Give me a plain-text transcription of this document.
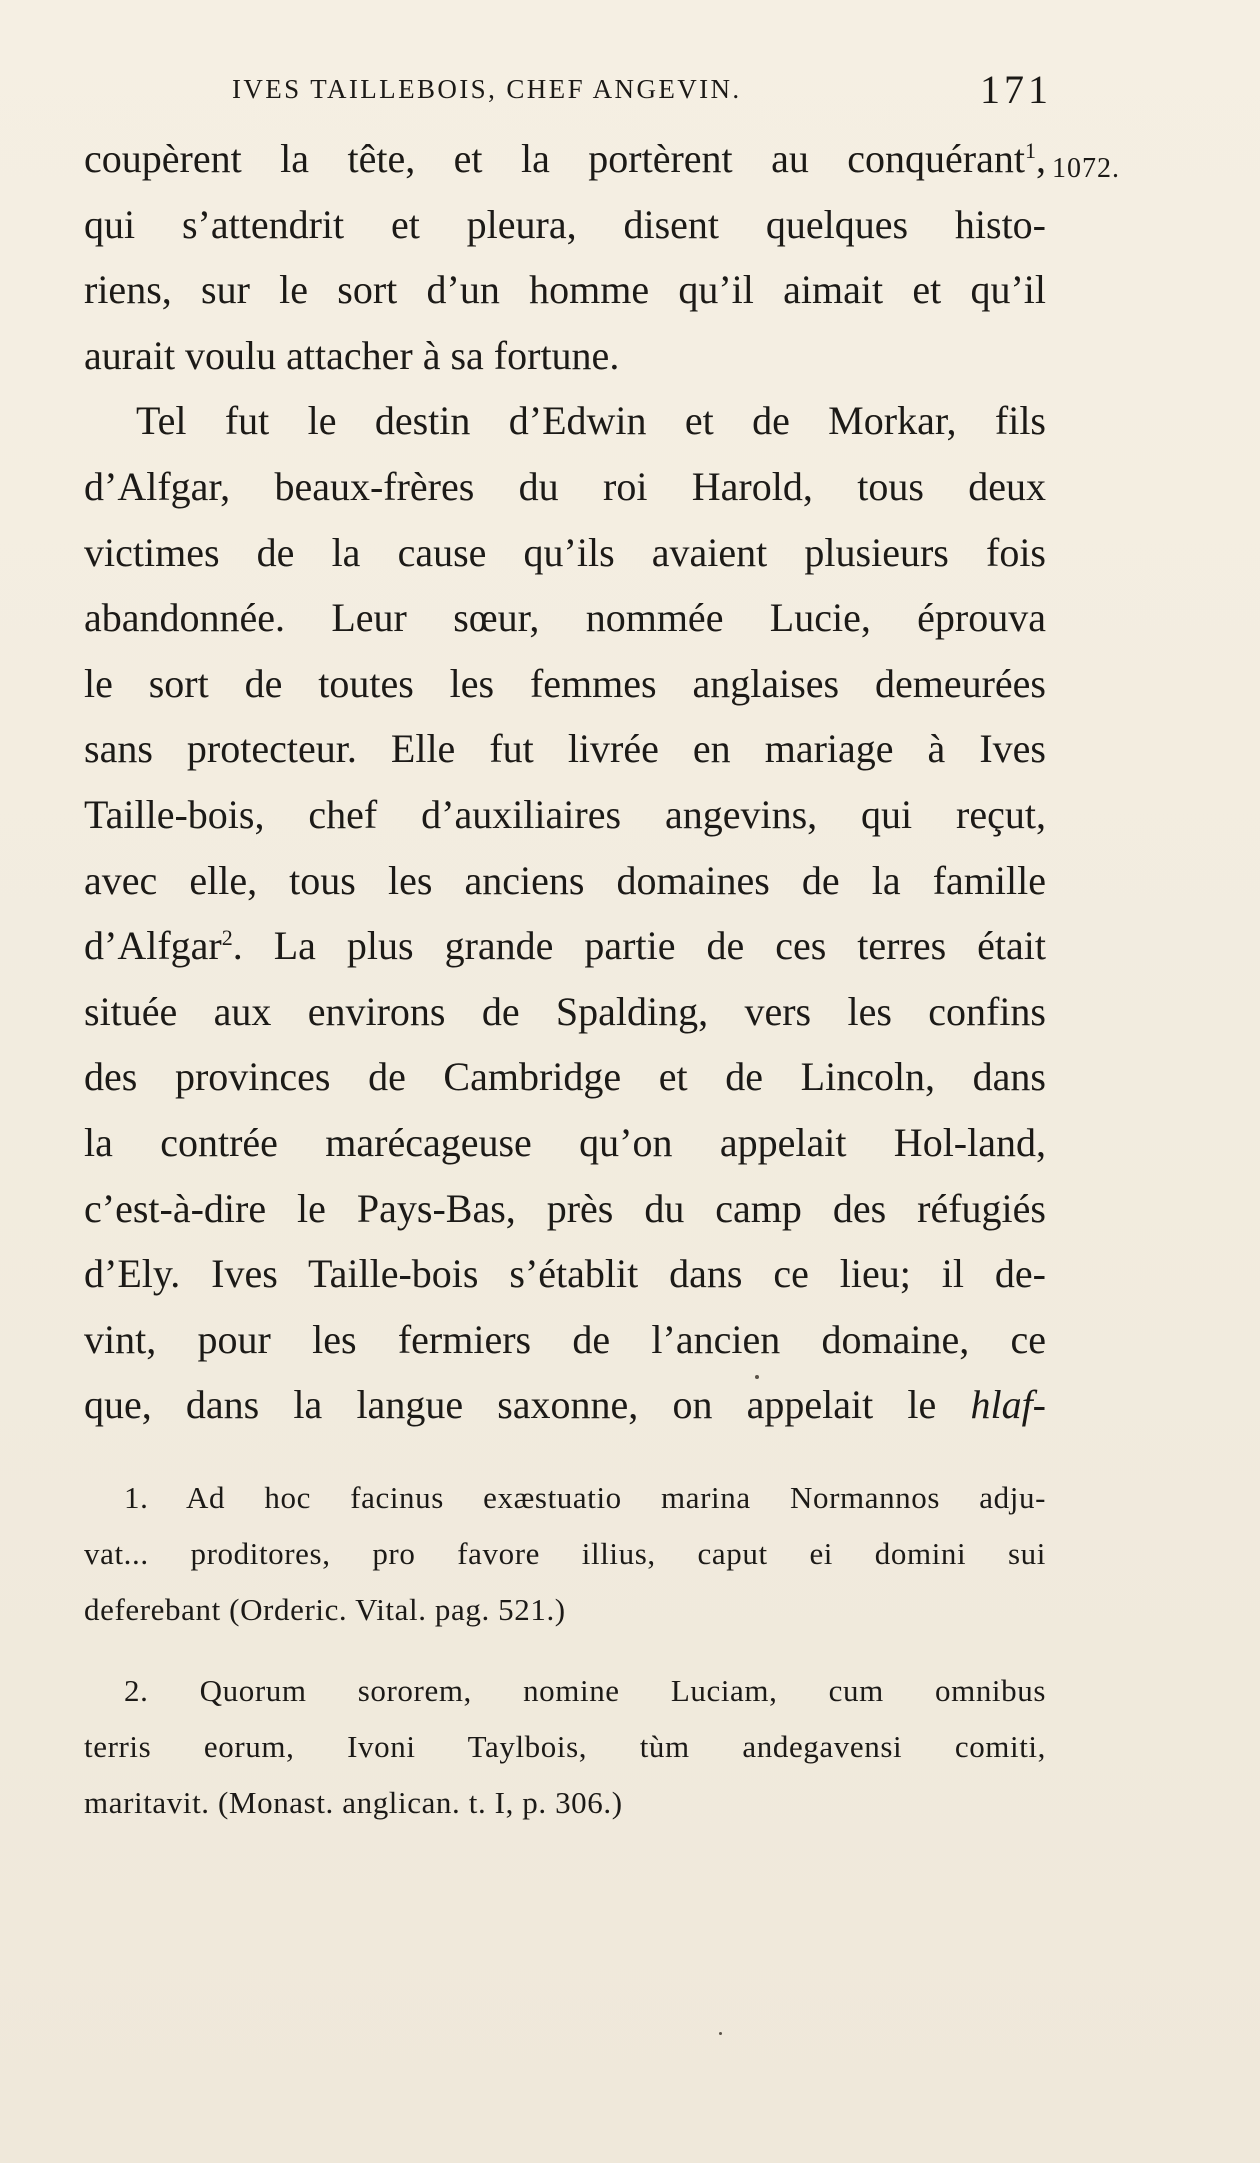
IVES TAILLEBOIS, CHEF ANGEVIN.	171
1072.
coupèrent la tête, et la portèrent au conquérant$^1$,
qui s’attendrit et pleura, disent quelques histo-
riens, sur le sort d’un homme qu’il aimait et qu’il
aurait voulu attacher à sa fortune.
Tel fut le destin d’Edwin et de Morkar, fils
d’Alfgar, beaux-frères du roi Harold, tous deux
victimes de la cause qu’ils avaient plusieurs fois
abandonnée. Leur sœur, nommée Lucie, éprouva
le sort de toutes les femmes anglaises demeurées
sans protecteur. Elle fut livrée en mariage à Ives
Taille-bois, chef d’auxiliaires angevins, qui reçut,
avec elle, tous les anciens domaines de la famille
d’Alfgar$^2$. La plus grande partie de ces terres était
située aux environs de Spalding, vers les confins
des provinces de Cambridge et de Lincoln, dans
la contrée marécageuse qu’on appelait Hol-land,
c’est-à-dire le Pays-Bas, près du camp des réfugiés
d’Ely. Ives Taille-bois s’établit dans ce lieu; il de-
vint, pour les fermiers de l’ancien domaine, ce
que, dans la langue saxonne, on appelait le hlaf-
1. Ad hoc facinus exæstuatio marina Normannos adju-
vat... proditores, pro favore illius, caput ei domini sui
deferebant (Orderic. Vital. pag. 521.)
2. Quorum sororem, nomine Luciam, cum omnibus
terris eorum, Ivoni Taylbois, tùm andegavensi comiti,
maritavit. (Monast. anglican. t. I, p. 306.)
